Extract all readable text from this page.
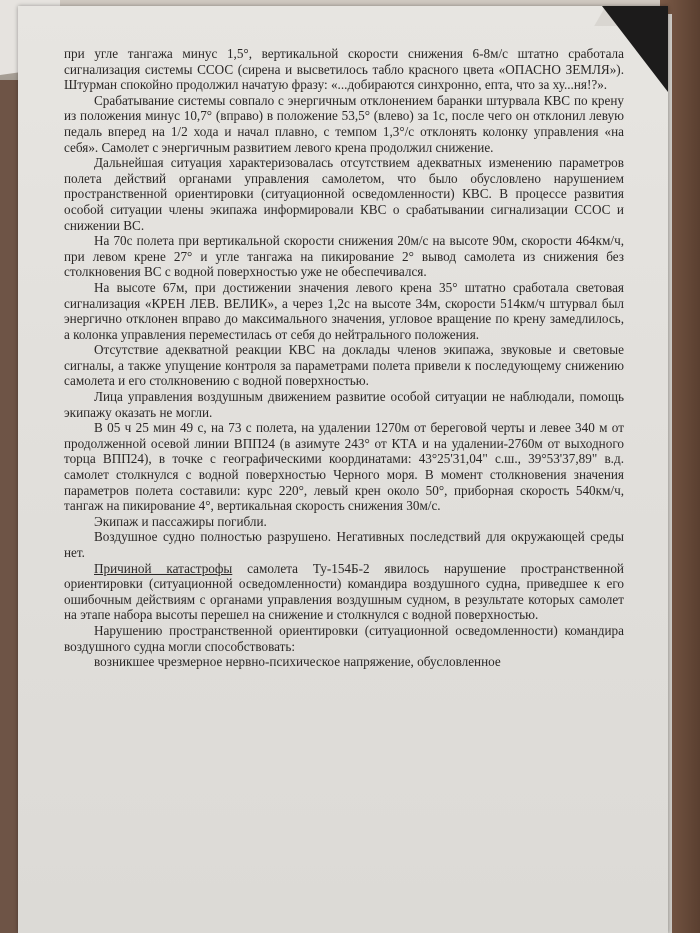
при угле тангажа минус 1,5°, вертикальной скорости снижения 6-8м/с штатно сработала сигнализация системы ССОС (сирена и высветилось табло красного цвета «ОПАСНО ЗЕМЛЯ»). Штурман спокойно продолжил начатую фразу: «...добираются синхронно, епта, что за ху...ня!?».

Срабатывание системы совпало с энергичным отклонением баранки штурвала КВС по крену из положения минус 10,7° (вправо) в положение 53,5° (влево) за 1с, после чего он отклонил левую педаль вперед на 1/2 хода и начал плавно, с темпом 1,3°/с отклонять колонку управления «на себя». Самолет с энергичным развитием левого крена продолжил снижение.

Дальнейшая ситуация характеризовалась отсутствием адекватных изменению параметров полета действий органами управления самолетом, что было обусловлено нарушением пространственной ориентировки (ситуационной осведомленности) КВС. В процессе развития особой ситуации члены экипажа информировали КВС о срабатывании сигнализации ССОС и снижении ВС.

На 70с полета при вертикальной скорости снижения 20м/с на высоте 90м, скорости 464км/ч, при левом крене 27° и угле тангажа на пикирование 2° вывод самолета из снижения без столкновения ВС с водной поверхностью уже не обеспечивался.

На высоте 67м, при достижении значения левого крена 35° штатно сработала световая сигнализация «КРЕН ЛЕВ. ВЕЛИК», а через 1,2с на высоте 34м, скорости 514км/ч штурвал был энергично отклонен вправо до максимального значения, угловое вращение по крену замедлилось, а колонка управления переместилась от себя до нейтрального положения.

Отсутствие адекватной реакции КВС на доклады членов экипажа, звуковые и световые сигналы, а также упущение контроля за параметрами полета привели к последующему снижению самолета и его столкновению с водной поверхностью.

Лица управления воздушным движением развитие особой ситуации не наблюдали, помощь экипажу оказать не могли.

В 05 ч 25 мин 49 с, на 73 с полета, на удалении 1270м от береговой черты и левее 340 м от продолженной осевой линии ВПП24 (в азимуте 243° от КТА и на удалении-2760м от выходного торца ВПП24), в точке с географическими координатами: 43°25'31,04" с.ш., 39°53'37,89" в.д. самолет столкнулся с водной поверхностью Черного моря. В момент столкновения значения параметров полета составили: курс 220°, левый крен около 50°, приборная скорость 540км/ч, тангаж на пикирование 4°, вертикальная скорость снижения 30м/с.

Экипаж и пассажиры погибли.

Воздушное судно полностью разрушено. Негативных последствий для окружающей среды нет.

Причиной катастрофы самолета Ту-154Б-2 явилось нарушение пространственной ориентировки (ситуационной осведомленности) командира воздушного судна, приведшее к его ошибочным действиям с органами управления воздушным судном, в результате которых самолет на этапе набора высоты перешел на снижение и столкнулся с водной поверхностью.

Нарушению пространственной ориентировки (ситуационной осведомленности) командира воздушного судна могли способствовать:

возникшее чрезмерное нервно-психическое напряжение, обусловленное
